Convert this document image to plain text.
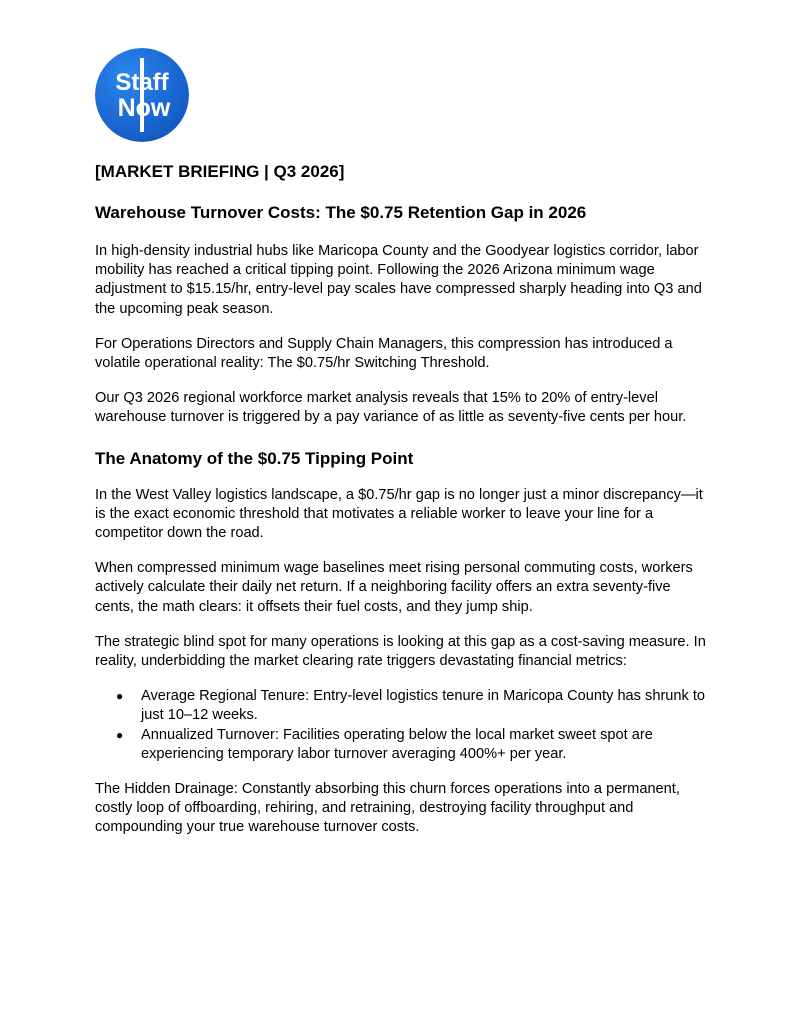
Staff
Now
[MARKET BRIEFING | Q3 2026]
Warehouse Turnover Costs: The $0.75 Retention Gap in 2026

In high-density industrial hubs like Maricopa County and the Goodyear logistics corridor, labor mobility has reached a critical tipping point. Following the 2026 Arizona minimum wage adjustment to $15.15/hr, entry-level pay scales have compressed sharply heading into Q3 and the upcoming peak season.

For Operations Directors and Supply Chain Managers, this compression has introduced a volatile operational reality: The $0.75/hr Switching Threshold.

Our Q3 2026 regional workforce market analysis reveals that 15% to 20% of entry-level warehouse turnover is triggered by a pay variance of as little as seventy-five cents per hour.

The Anatomy of the $0.75 Tipping Point

In the West Valley logistics landscape, a $0.75/hr gap is no longer just a minor discrepancy—it is the exact economic threshold that motivates a reliable worker to leave your line for a competitor down the road.

When compressed minimum wage baselines meet rising personal commuting costs, workers actively calculate their daily net return. If a neighboring facility offers an extra seventy-five cents, the math clears: it offsets their fuel costs, and they jump ship.

The strategic blind spot for many operations is looking at this gap as a cost-saving measure. In reality, underbidding the market clearing rate triggers devastating financial metrics:

● Average Regional Tenure: Entry-level logistics tenure in Maricopa County has shrunk to just 10–12 weeks.
● Annualized Turnover: Facilities operating below the local market sweet spot are experiencing temporary labor turnover averaging 400%+ per year.

The Hidden Drainage: Constantly absorbing this churn forces operations into a permanent, costly loop of offboarding, rehiring, and retraining, destroying facility throughput and compounding your true warehouse turnover costs.
